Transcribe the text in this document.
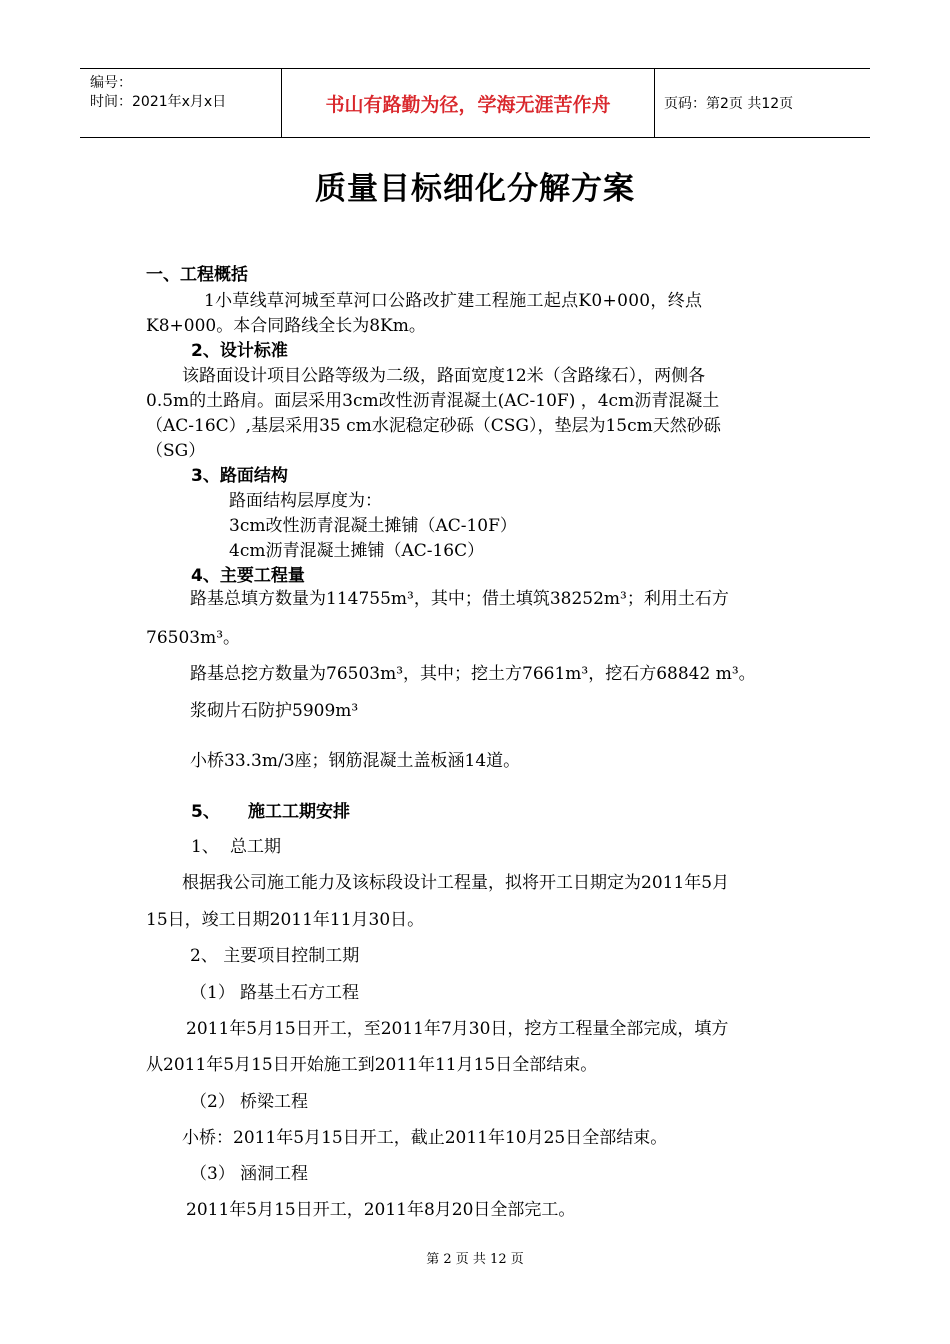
编号：
时间：2021年x月x日	书山有路勤为径，学海无涯苦作舟	页码：第2页 共12页
质量目标细化分解方案
一、工程概括
1小草线草河城至草河口公路改扩建工程施工起点K0+000，终点
K8+000。本合同路线全长为8Km。
2、设计标准
该路面设计项目公路等级为二级，路面宽度12米（含路缘石），两侧各
0.5m的土路肩。面层采用3cm改性沥青混凝土(AC-10F) ，4cm沥青混凝土
（AC-16C）,基层采用35 cm水泥稳定砂砾（CSG），垫层为15cm天然砂砾
（SG）
3、路面结构
路面结构层厚度为：
3cm改性沥青混凝土摊铺（AC-10F）
4cm沥青混凝土摊铺（AC-16C）
4、主要工程量
路基总填方数量为114755m³，其中；借土填筑38252m³；利用土石方
76503m³。
路基总挖方数量为76503m³，其中；挖土方7661m³，挖石方68842 m³。
浆砌片石防护5909m³
小桥33.3m/3座；钢筋混凝土盖板涵14道。
5、 施工工期安排
1、 总工期
根据我公司施工能力及该标段设计工程量，拟将开工日期定为2011年5月
15日，竣工日期2011年11月30日。
2、 主要项目控制工期
（1） 路基土石方工程
2011年5月15日开工，至2011年7月30日，挖方工程量全部完成，填方
从2011年5月15日开始施工到2011年11月15日全部结束。
（2） 桥梁工程
小桥：2011年5月15日开工，截止2011年10月25日全部结束。
（3） 涵洞工程
2011年5月15日开工，2011年8月20日全部完工。
第 2 页 共 12 页
